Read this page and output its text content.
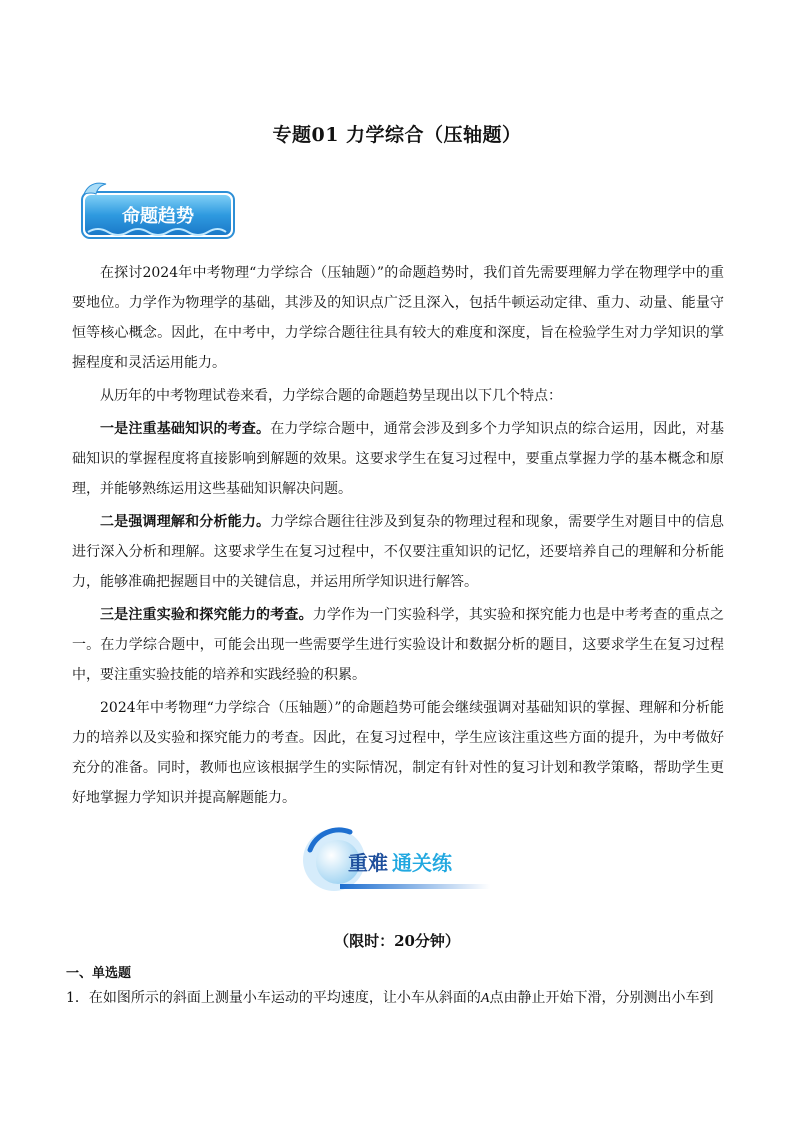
专题01 力学综合（压轴题）
命题趋势

在探讨2024年中考物理“力学综合（压轴题）”的命题趋势时，我们首先需要理解力学在物理学中的重要地位。力学作为物理学的基础，其涉及的知识点广泛且深入，包括牛顿运动定律、重力、动量、能量守恒等核心概念。因此，在中考中，力学综合题往往具有较大的难度和深度，旨在检验学生对力学知识的掌握程度和灵活运用能力。

从历年的中考物理试卷来看，力学综合题的命题趋势呈现出以下几个特点：

一是注重基础知识的考查。在力学综合题中，通常会涉及到多个力学知识点的综合运用，因此，对基础知识的掌握程度将直接影响到解题的效果。这要求学生在复习过程中，要重点掌握力学的基本概念和原理，并能够熟练运用这些基础知识解决问题。

二是强调理解和分析能力。力学综合题往往涉及到复杂的物理过程和现象，需要学生对题目中的信息进行深入分析和理解。这要求学生在复习过程中，不仅要注重知识的记忆，还要培养自己的理解和分析能力，能够准确把握题目中的关键信息，并运用所学知识进行解答。

三是注重实验和探究能力的考查。力学作为一门实验科学，其实验和探究能力也是中考考查的重点之一。在力学综合题中，可能会出现一些需要学生进行实验设计和数据分析的题目，这要求学生在复习过程中，要注重实验技能的培养和实践经验的积累。

2024年中考物理“力学综合（压轴题）”的命题趋势可能会继续强调对基础知识的掌握、理解和分析能力的培养以及实验和探究能力的考查。因此，在复习过程中，学生应该注重这些方面的提升，为中考做好充分的准备。同时，教师也应该根据学生的实际情况，制定有针对性的复习计划和教学策略，帮助学生更好地掌握力学知识并提高解题能力。

重难 通关练
（限时：20分钟）
一、单选题
1．在如图所示的斜面上测量小车运动的平均速度，让小车从斜面的A点由静止开始下滑，分别测出小车到
